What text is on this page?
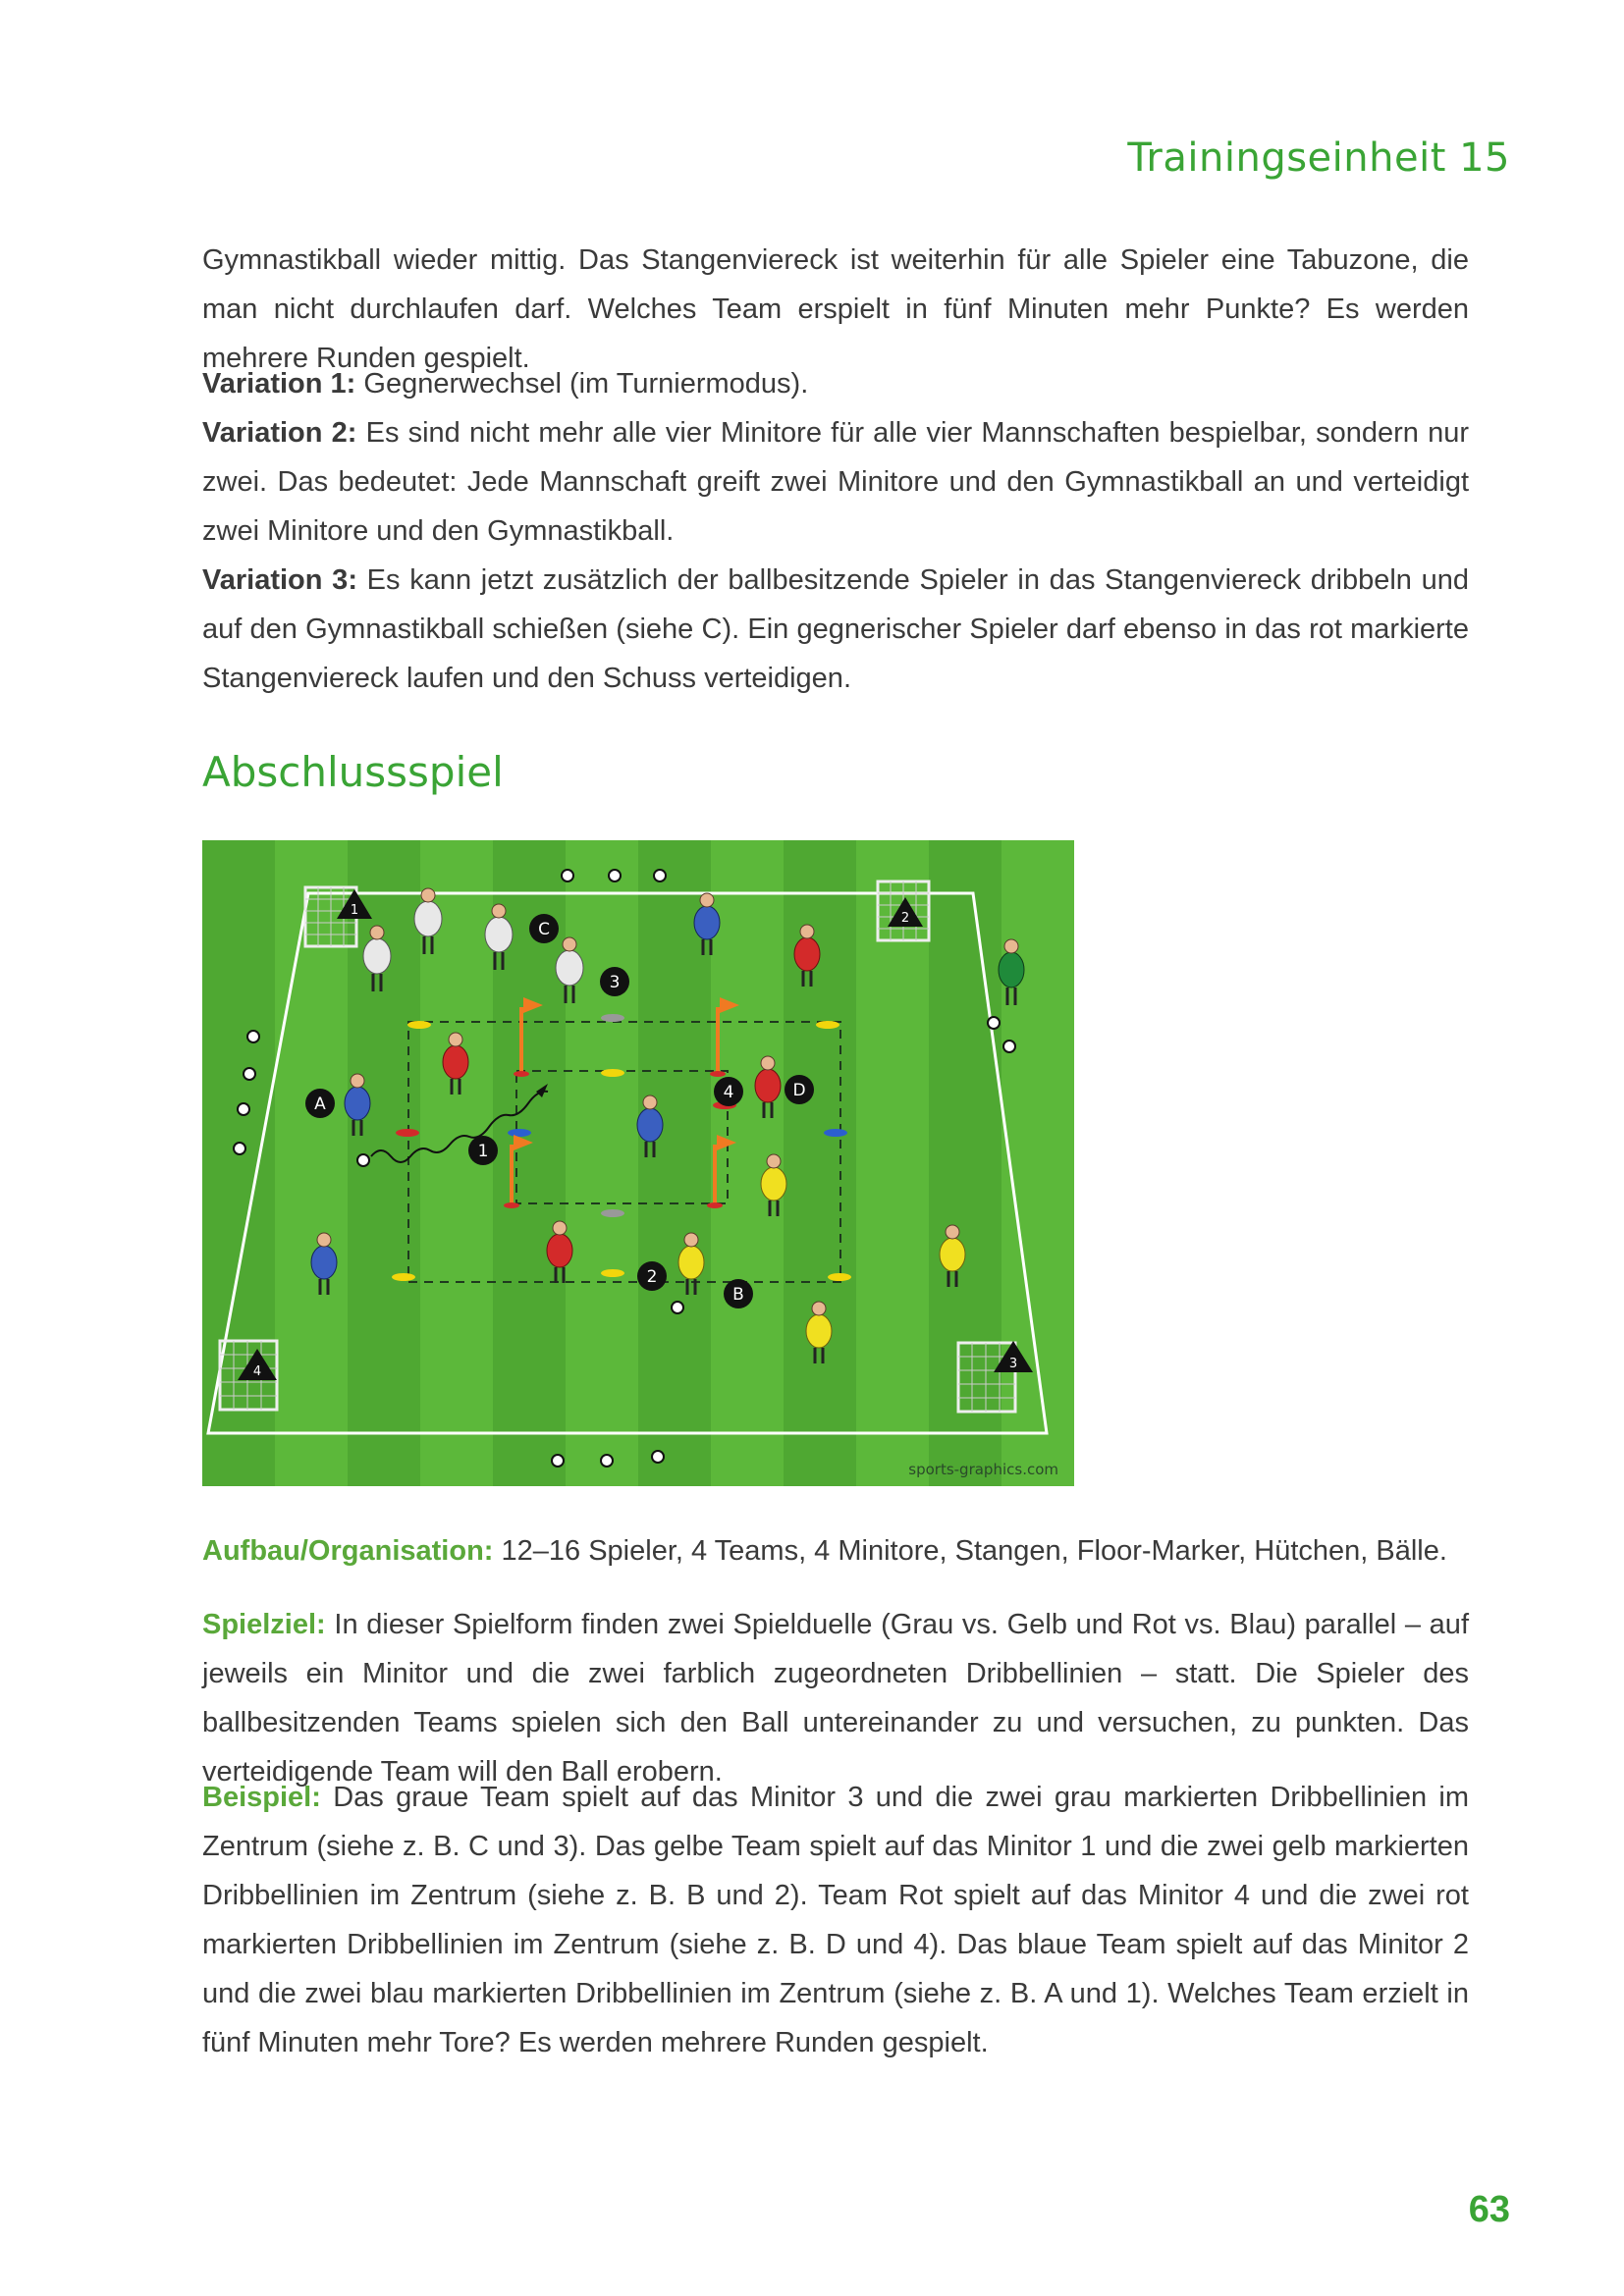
Trainingseinheit 15

Gymnastikball wieder mittig. Das Stangenviereck ist weiterhin für alle Spieler eine Tabuzone, die man nicht durchlaufen darf. Welches Team erspielt in fünf Minuten mehr Punkte? Es werden mehrere Runden gespielt.

Variation 1: Gegnerwechsel (im Turniermodus).

Variation 2: Es sind nicht mehr alle vier Minitore für alle vier Mannschaften bespielbar, sondern nur zwei. Das bedeutet: Jede Mannschaft greift zwei Minitore und den Gymnastikball an und verteidigt zwei Minitore und den Gymnastikball.

Variation 3: Es kann jetzt zusätzlich der ballbesitzende Spieler in das Stangenviereck dribbeln und auf den Gymnastikball schießen (siehe C). Ein gegnerischer Spieler darf ebenso in das rot markierte Stangenviereck laufen und den Schuss verteidigen.

Abschlussspiel
1
2
3
4
A
B
C
D
1
2
3
4
sports-graphics.com

Aufbau/Organisation: 12–16 Spieler, 4 Teams, 4 Minitore, Stangen, Floor-Marker, Hütchen, Bälle.

Spielziel: In dieser Spielform finden zwei Spielduelle (Grau vs. Gelb und Rot vs. Blau) parallel – auf jeweils ein Minitor und die zwei farblich zugeordneten Dribbellinien – statt. Die Spieler des ballbesitzenden Teams spielen sich den Ball untereinander zu und versuchen, zu punkten. Das verteidigende Team will den Ball erobern.

Beispiel: Das graue Team spielt auf das Minitor 3 und die zwei grau markierten Dribbellinien im Zentrum (siehe z. B. C und 3). Das gelbe Team spielt auf das Minitor 1 und die zwei gelb markierten Dribbellinien im Zentrum (siehe z. B. B und 2). Team Rot spielt auf das Minitor 4 und die zwei rot markierten Dribbellinien im Zentrum (siehe z. B. D und 4). Das blaue Team spielt auf das Minitor 2 und die zwei blau markierten Dribbellinien im Zentrum (siehe z. B. A und 1). Welches Team erzielt in fünf Minuten mehr Tore? Es werden mehrere Runden gespielt.

63
